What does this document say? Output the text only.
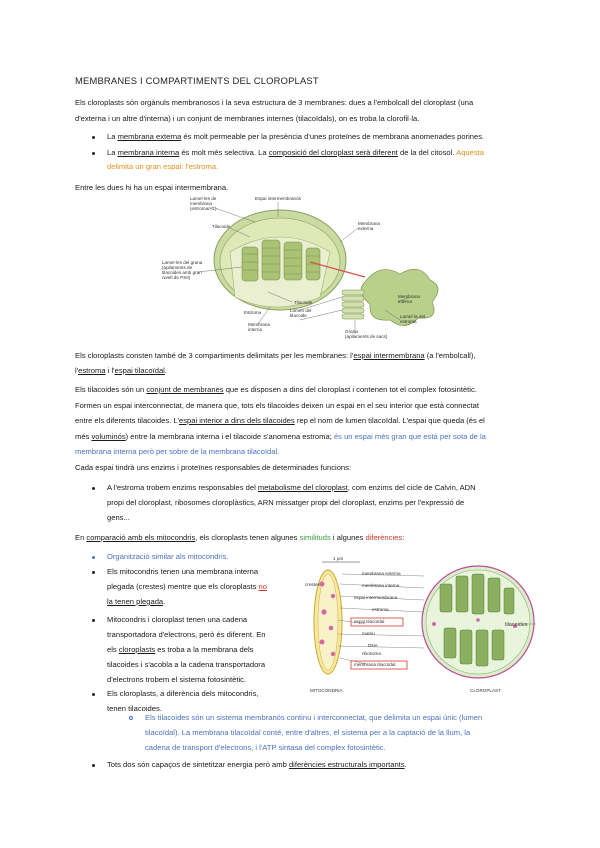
MEMBRANES I COMPARTIMENTS DEL CLOROPLAST
Els cloroplasts són orgànuls membranosos i la seva estructura de 3 membranes: dues a l'embolcall del cloroplast (una
d'externa i un altre d'interna) i un conjunt de membranes internes (tilacoïdals), on es troba la clorofil·la.
La membrana externa és molt permeable per la presència d'unes proteïnes de membrana anomenades porines.
La membrana interna és molt més selectiva. La composició del cloroplast serà diferent de la del citosol. Aquesta
delimita un gran espai: l'estroma.
Entre les dues hi ha un espai intermembrana.
Lamel·les de
membrana
(estroma/AL)
Espai intermembranós
Tilacoide
Membrana
externa
Lamel·les del grana
(apilaments de
tilacoides amb gran
nivell de PSII)
Membrana
interna
Tilacoide
Estroma	Lumen del
tilacoide	Lamel·la del
estroma
Membrana
interna
Grana
(apilaments de sacs)
Els cloroplasts consten també de 3 compartiments delimitats per les membranes: l'espai intermembrana (a l'embolcall),
l'estroma i l'espai tilacoïdal.
Els tilacoides són un conjunt de membranes que es disposen a dins del cloroplast i contenen tot el complex fotosintètic.
Formen un espai interconnectat, de manera que, tots els tilacoides deixen un espai en el seu interior que està connectat
entre els diferents tilacoides. L'espai interior a dins dels tilacoides rep el nom de lumen tilacoïdal. L'espai que queda (és el
més voluminós) entre la membrana interna i el tilacoide s'anomena estroma; és un espai més gran que està per sota de la
membrana interna però per sobre de la membrana tilacoïdal.
Cada espai tindrà uns enzims i proteïnes responsables de determinades funcions:
A l'estroma trobem enzims responsables del metabolisme del cloroplast, com enzims del cicle de Calvin, ADN
propi del cloroplast, ribosomes cloroplàstics, ARN missatger propi del cloroplast, enzims per l'expressió de
gens...
En comparació amb els mitocondris, els cloroplasts tenen algunes similituds i algunes diferències:
Organització similar als mitocondris.
Els mitocondris tenen una membrana interna
plegada (crestes) mentre que els cloroplasts no
la tenen plegada.
Mitocondris i cloroplast tenen una cadena
transportadora d'electrons, però és diferent. En
els cloroplasts es troba a la membrana dels
tilacoides i s'acobla a la cadena transportadora
d'electrons trobem el sistema fotosintètic.
Els cloroplasts, a diferència dels mitocondris,
tenen tilacoides.
Els tilacoides són un sistema membranós continu i interconnectat, que delimita un espai únic (lumen
tilacoïdal). La membrana tilacoïdal conté, entre d'altres, el sistema per a la captació de la llum, la
cadena de transport d'electrons, i l'ATP sintasa del complex fotosintètic.
Tots dos són capaços de sintetitzar energia però amb diferències estructurals importants.
1 μm
crestes
membrana externa
membrana interna
espai intermembrana
estroma
espai tilacoïdal
matriu
DNA
ribosoma
membrana tilacoïdal
tilacoides
MITOCONDRIA	CLOROPLAST
